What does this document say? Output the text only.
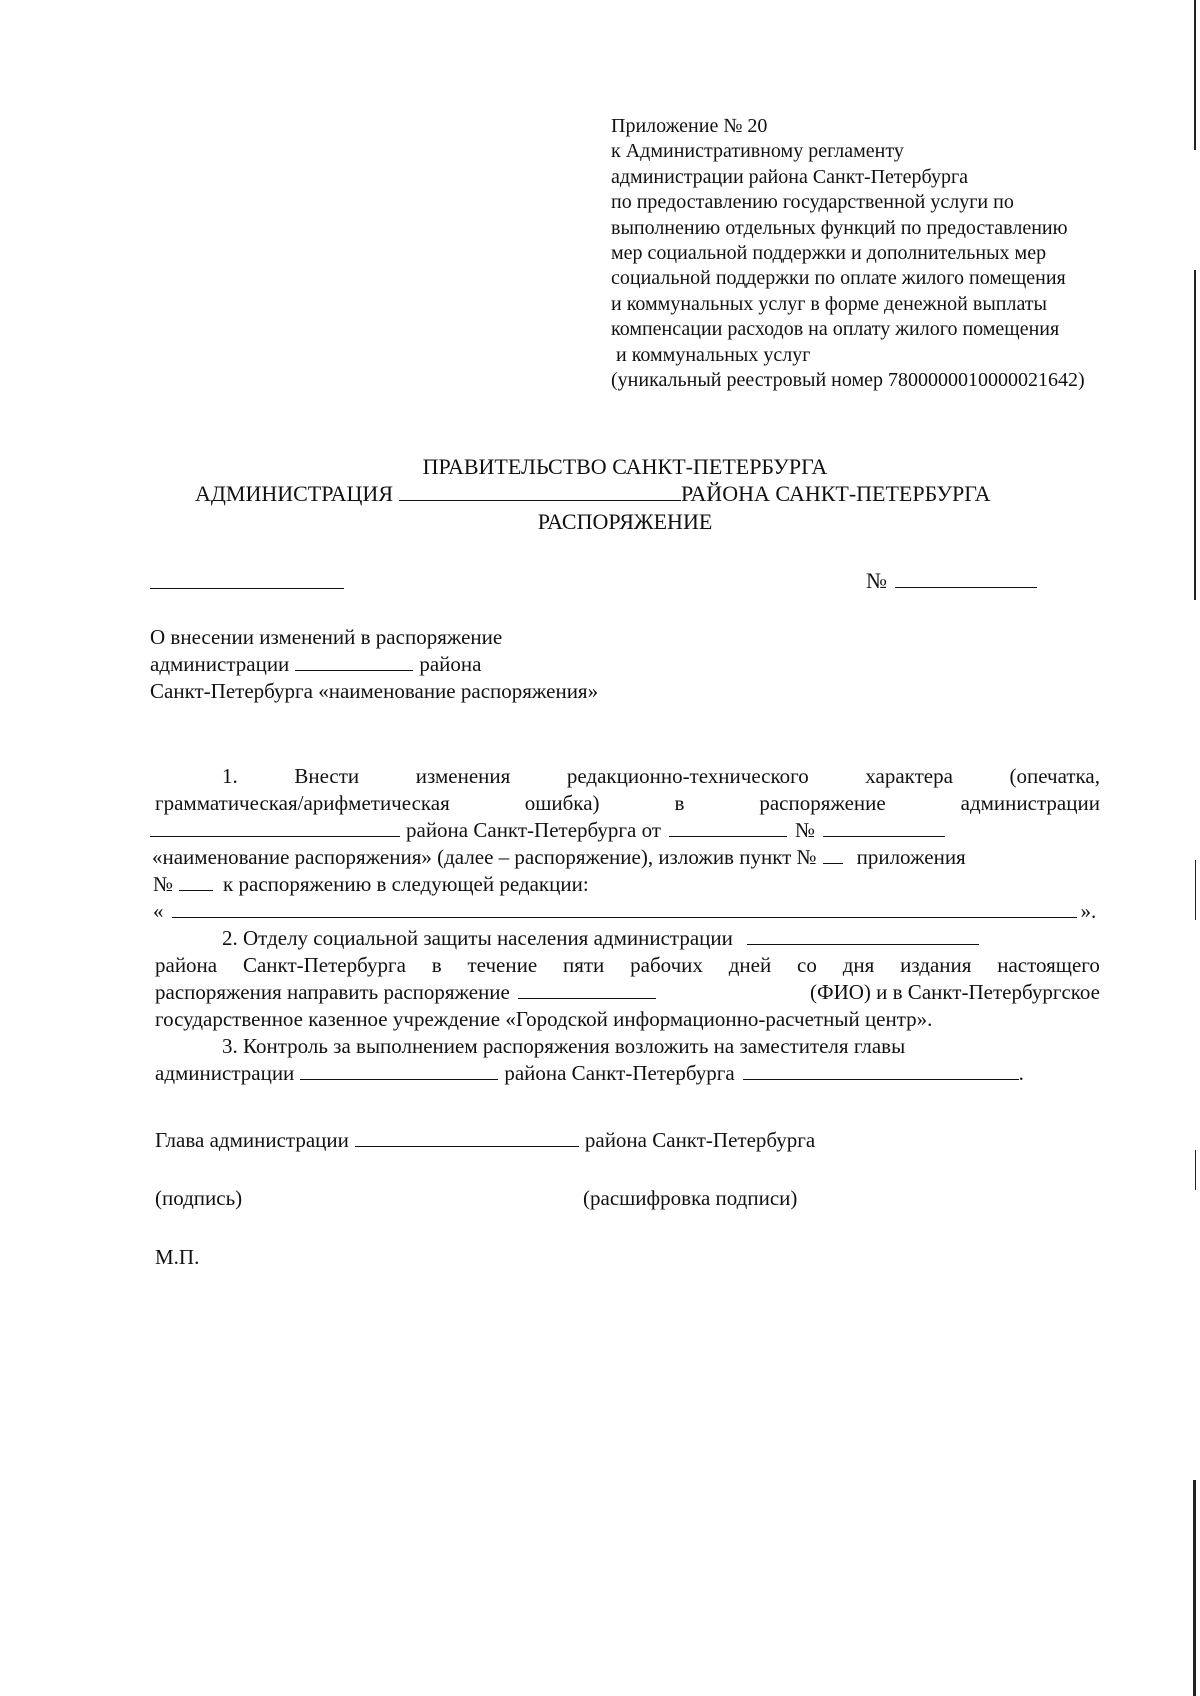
Приложение № 20
к Административному регламенту
администрации района Санкт-Петербурга
по предоставлению государственной услуги по
выполнению отдельных функций по предоставлению
мер социальной поддержки и дополнительных мер
социальной поддержки по оплате жилого помещения
и коммунальных услуг в форме денежной выплаты
компенсации расходов на оплату жилого помещения
и коммунальных услуг
(уникальный реестровый номер 7800000010000021642)
ПРАВИТЕЛЬСТВО САНКТ-ПЕТЕРБУРГА
АДМИНИСТРАЦИЯ	РАЙОНА САНКТ-ПЕТЕРБУРГА
РАСПОРЯЖЕНИЕ
№
О внесении изменений в распоряжение
администрации	района
Санкт-Петербурга «наименование распоряжения»
1.	Внести	изменения	редакционно-технического	характера	(опечатка,
грамматическая/арифметическая	ошибка)	в	распоряжение	администрации
района Санкт-Петербурга от	№
«наименование распоряжения» (далее – распоряжение), изложив пункт № приложения
№ к распоряжению в следующей редакции:
«	».
2. Отделу социальной защиты населения администрации
района Санкт-Петербурга в течение пяти рабочих дней со дня издания настоящего
распоряжения направить распоряжение	(ФИО) и в Санкт-Петербургское
государственное казенное учреждение «Городской информационно-расчетный центр».
3. Контроль за выполнением распоряжения возложить на заместителя главы
администрации	района Санкт-Петербурга	.
Глава администрации	района Санкт-Петербурга
(подпись)	(расшифровка подписи)
М.П.
